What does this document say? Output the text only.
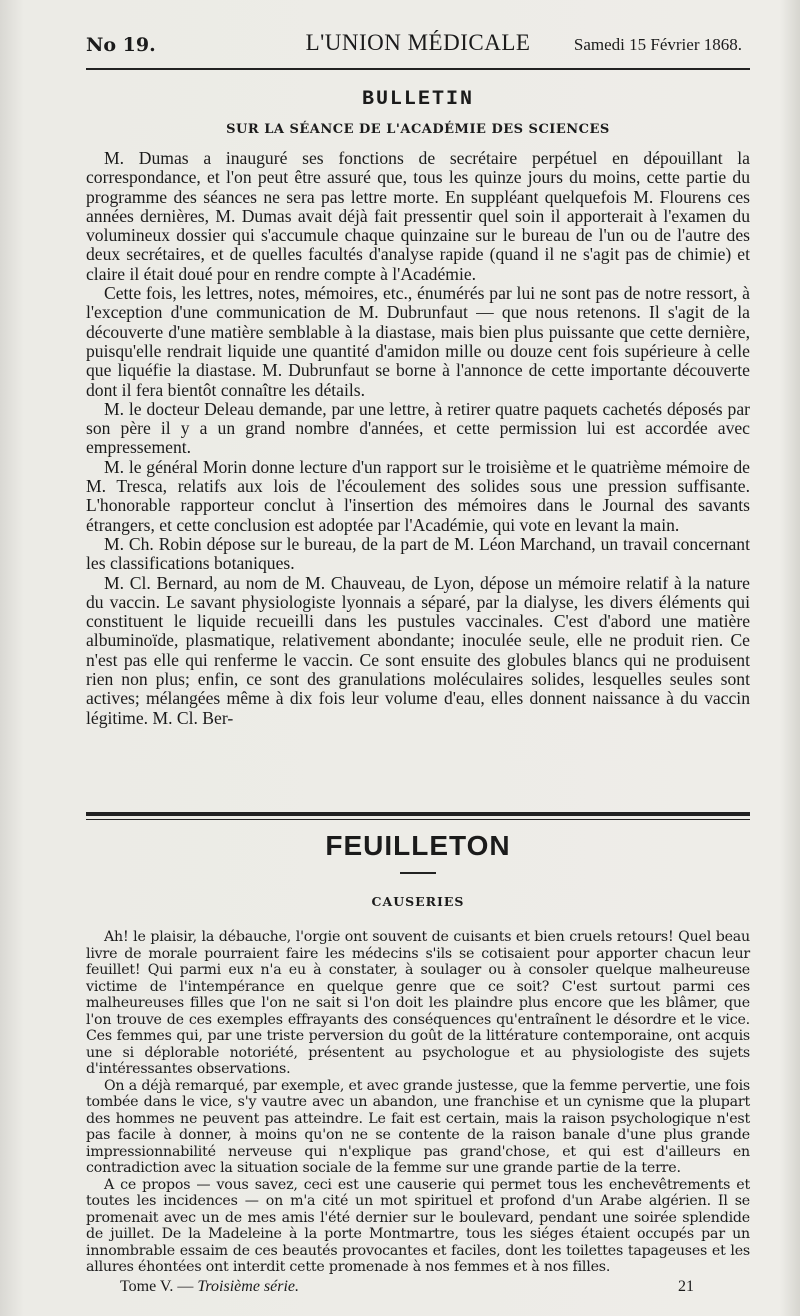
No 19.	L'UNION MÉDICALE	Samedi 15 Février 1868.
BULLETIN
SUR LA SÉANCE DE L'ACADÉMIE DES SCIENCES

M. Dumas a inauguré ses fonctions de secrétaire perpétuel en dépouillant la correspondance, et l'on peut être assuré que, tous les quinze jours du moins, cette partie du programme des séances ne sera pas lettre morte. En suppléant quelquefois M. Flourens ces années dernières, M. Dumas avait déjà fait pressentir quel soin il apporterait à l'examen du volumineux dossier qui s'accumule chaque quinzaine sur le bureau de l'un ou de l'autre des deux secrétaires, et de quelles facultés d'analyse rapide (quand il ne s'agit pas de chimie) et claire il était doué pour en rendre compte à l'Académie.

Cette fois, les lettres, notes, mémoires, etc., énumérés par lui ne sont pas de notre ressort, à l'exception d'une communication de M. Dubrunfaut — que nous retenons. Il s'agit de la découverte d'une matière semblable à la diastase, mais bien plus puissante que cette dernière, puisqu'elle rendrait liquide une quantité d'amidon mille ou douze cent fois supérieure à celle que liquéfie la diastase. M. Dubrunfaut se borne à l'annonce de cette importante découverte dont il fera bientôt connaître les détails.

M. le docteur Deleau demande, par une lettre, à retirer quatre paquets cachetés déposés par son père il y a un grand nombre d'années, et cette permission lui est accordée avec empressement.

M. le général Morin donne lecture d'un rapport sur le troisième et le quatrième mémoire de M. Tresca, relatifs aux lois de l'écoulement des solides sous une pression suffisante. L'honorable rapporteur conclut à l'insertion des mémoires dans le Journal des savants étrangers, et cette conclusion est adoptée par l'Académie, qui vote en levant la main.

M. Ch. Robin dépose sur le bureau, de la part de M. Léon Marchand, un travail concernant les classifications botaniques.

M. Cl. Bernard, au nom de M. Chauveau, de Lyon, dépose un mémoire relatif à la nature du vaccin. Le savant physiologiste lyonnais a séparé, par la dialyse, les divers éléments qui constituent le liquide recueilli dans les pustules vaccinales. C'est d'abord une matière albuminoïde, plasmatique, relativement abondante; inoculée seule, elle ne produit rien. Ce n'est pas elle qui renferme le vaccin. Ce sont ensuite des globules blancs qui ne produisent rien non plus; enfin, ce sont des granulations moléculaires solides, lesquelles seules sont actives; mélangées même à dix fois leur volume d'eau, elles donnent naissance à du vaccin légitime. M. Cl. Ber-

FEUILLETON
CAUSERIES

Ah! le plaisir, la débauche, l'orgie ont souvent de cuisants et bien cruels retours! Quel beau livre de morale pourraient faire les médecins s'ils se cotisaient pour apporter chacun leur feuillet! Qui parmi eux n'a eu à constater, à soulager ou à consoler quelque malheureuse victime de l'intempérance en quelque genre que ce soit? C'est surtout parmi ces malheureuses filles que l'on ne sait si l'on doit les plaindre plus encore que les blâmer, que l'on trouve de ces exemples effrayants des conséquences qu'entraînent le désordre et le vice. Ces femmes qui, par une triste perversion du goût de la littérature contemporaine, ont acquis une si déplorable notoriété, présentent au psychologue et au physiologiste des sujets d'intéressantes observations.

On a déjà remarqué, par exemple, et avec grande justesse, que la femme pervertie, une fois tombée dans le vice, s'y vautre avec un abandon, une franchise et un cynisme que la plupart des hommes ne peuvent pas atteindre. Le fait est certain, mais la raison psychologique n'est pas facile à donner, à moins qu'on ne se contente de la raison banale d'une plus grande impressionnabilité nerveuse qui n'explique pas grand'chose, et qui est d'ailleurs en contradiction avec la situation sociale de la femme sur une grande partie de la terre.

A ce propos — vous savez, ceci est une causerie qui permet tous les enchevêtrements et toutes les incidences — on m'a cité un mot spirituel et profond d'un Arabe algérien. Il se promenait avec un de mes amis l'été dernier sur le boulevard, pendant une soirée splendide de juillet. De la Madeleine à la porte Montmartre, tous les siéges étaient occupés par un innombrable essaim de ces beautés provocantes et faciles, dont les toilettes tapageuses et les allures éhontées ont interdit cette promenade à nos femmes et à nos filles.

Tome V. — Troisième série.	21
